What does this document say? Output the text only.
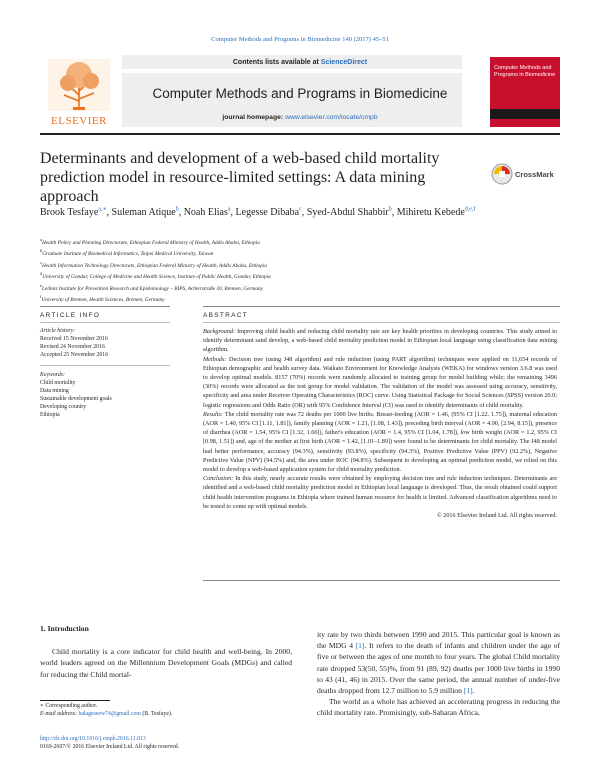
Computer Methods and Programs in Biomedicine 140 (2017) 45–51
ELSEVIER
Contents lists available at ScienceDirect
Computer Methods and Programs in Biomedicine
journal homepage: www.elsevier.com/locate/cmpb
Computer Methods and Programs in Biomedicine
Determinants and development of a web-based child mortality prediction model in resource-limited settings: A data mining approach
CrossMark
Brook Tesfaye$^{a,∗}$, Suleman Atique$^b$, Noah Elias$^a$, Legesse Dibaba$^c$, Syed-Abdul Shabbir$^b$, Mihiretu Kebede$^{d,e,f}$
$^a$Health Policy and Planning Directorate, Ethiopian Federal Ministry of Health, Addis Ababa, Ethiopia
$^b$Graduate Institute of Biomedical Informatics, Taipei Medical University, Taiwan
$^c$Health Information Technology Directorate, Ethiopian Federal Ministry of Health, Addis Ababa, Ethiopia
$^d$University of Gondar, College of Medicine and Health Science, Institute of Public Health, Gondar, Ethiopia
$^e$Leibniz Institute for Prevention Research and Epidemiology – BIPS, Achterstraße 30, Bremen, Germany
$^f$University of Bremen, Health Sciences, Bremen, Germany
ARTICLE INFO	ABSTRACT
Article history:
Received 15 November 2016
Revised 24 November 2016
Accepted 25 November 2016
Keywords:
Child mortality
Data mining
Sustainable development goals
Developing country
Ethiopia

Background: Improving child health and reducing child mortality rate are key health priorities in developing countries. This study aimed to identify determinant sand develop, a web-based child mortality prediction model in Ethiopian local language using classification data mining algorithm.

Methods: Decision tree (using J48 algorithm) and rule induction (using PART algorithm) techniques were applied on 11,654 records of Ethiopian demographic and health survey data. Waikato Environment for Knowledge Analysis (WEKA) for windows version 3.6.8 was used to develop optimal models. 8157 (70%) records were randomly allocated to training group for model building while; the remaining 3496 (30%) records were allocated as the test group for model validation. The validation of the model was assessed using accuracy, sensitivity, specificity and area under Receiver Operating Characteristics (ROC) curve. Using Statistical Package for Social Sciences (SPSS) version 20.0; logistic regressions and Odds Ratio (OR) with 95% Confidence Interval (CI) was used to identify determinants of child mortality.

Results: The child mortality rate was 72 deaths per 1000 live births. Breast-feeding (AOR = 1.46, (95% CI [1.22. 1.75]), maternal education (AOR = 1.40, 95% CI [1.11, 1.81]), family planning (AOR = 1.21, [1.08, 1.43]), preceding birth interval (AOR = 4.90, [2.94, 8.15]), presence of diarrhea (AOR = 1.54, 95% CI [1.32, 1.66]), father's education (AOR = 1.4, 95% CI [1.04, 1.78]), low birth weight (AOR = 1.2, 95% CI [0.98, 1.51]) and, age of the mother at first birth (AOR = 1.42, [1.01–1.89]) were found to be determinants for child mortality. The J48 model had better performance, accuracy (94.3%), sensitivity (93.8%), specificity (94.3%), Positive Predictive Value (PPV) (92.2%), Negative Predictive Value (NPV) (94.5%) and, the area under ROC (94.8%). Subsequent to developing an optimal prediction model, we relied on this model to develop a web-based application system for child mortality prediction.

Conclusion: In this study, nearly accurate results were obtained by employing decision tree and rule induction techniques. Determinants are identified and a web-based child mortality prediction model in Ethiopian local language is developed. Thus, the result obtained could support child health intervention programs in Ethiopia where trained human resource for health is limited. Advanced classification algorithms need to be tested to come up with optimal models.

© 2016 Elsevier Ireland Ltd. All rights reserved.

1. Introduction

Child mortality is a core indicator for child health and well-being. In 2000, world leaders agreed on the Millennium Development Goals (MDGs) and called for reducing the Child mortal-

ity rate by two thirds between 1990 and 2015. This particular goal is known as the MDG 4 [1]. It refers to the death of infants and children under the age of five or between the ages of one month to four years. The global Child mortality rate dropped 53(50, 55)%, from 91 (89, 92) deaths per 1000 live births in 1990 to 43 (41, 46) in 2015. Over the same period, the annual number of under-five deaths dropped from 12.7 million to 5.9 million [1].

The world as a whole has achieved an accelerating progress in reducing the child mortality rate. Promisingly, sub-Saharan Africa,

∗ Corresponding author.
E-mail address: balageseew74@gmail.com (B. Tesfaye).
http://dx.doi.org/10.1016/j.cmpb.2016.11.013
0169-2607/© 2016 Elsevier Ireland Ltd. All rights reserved.
